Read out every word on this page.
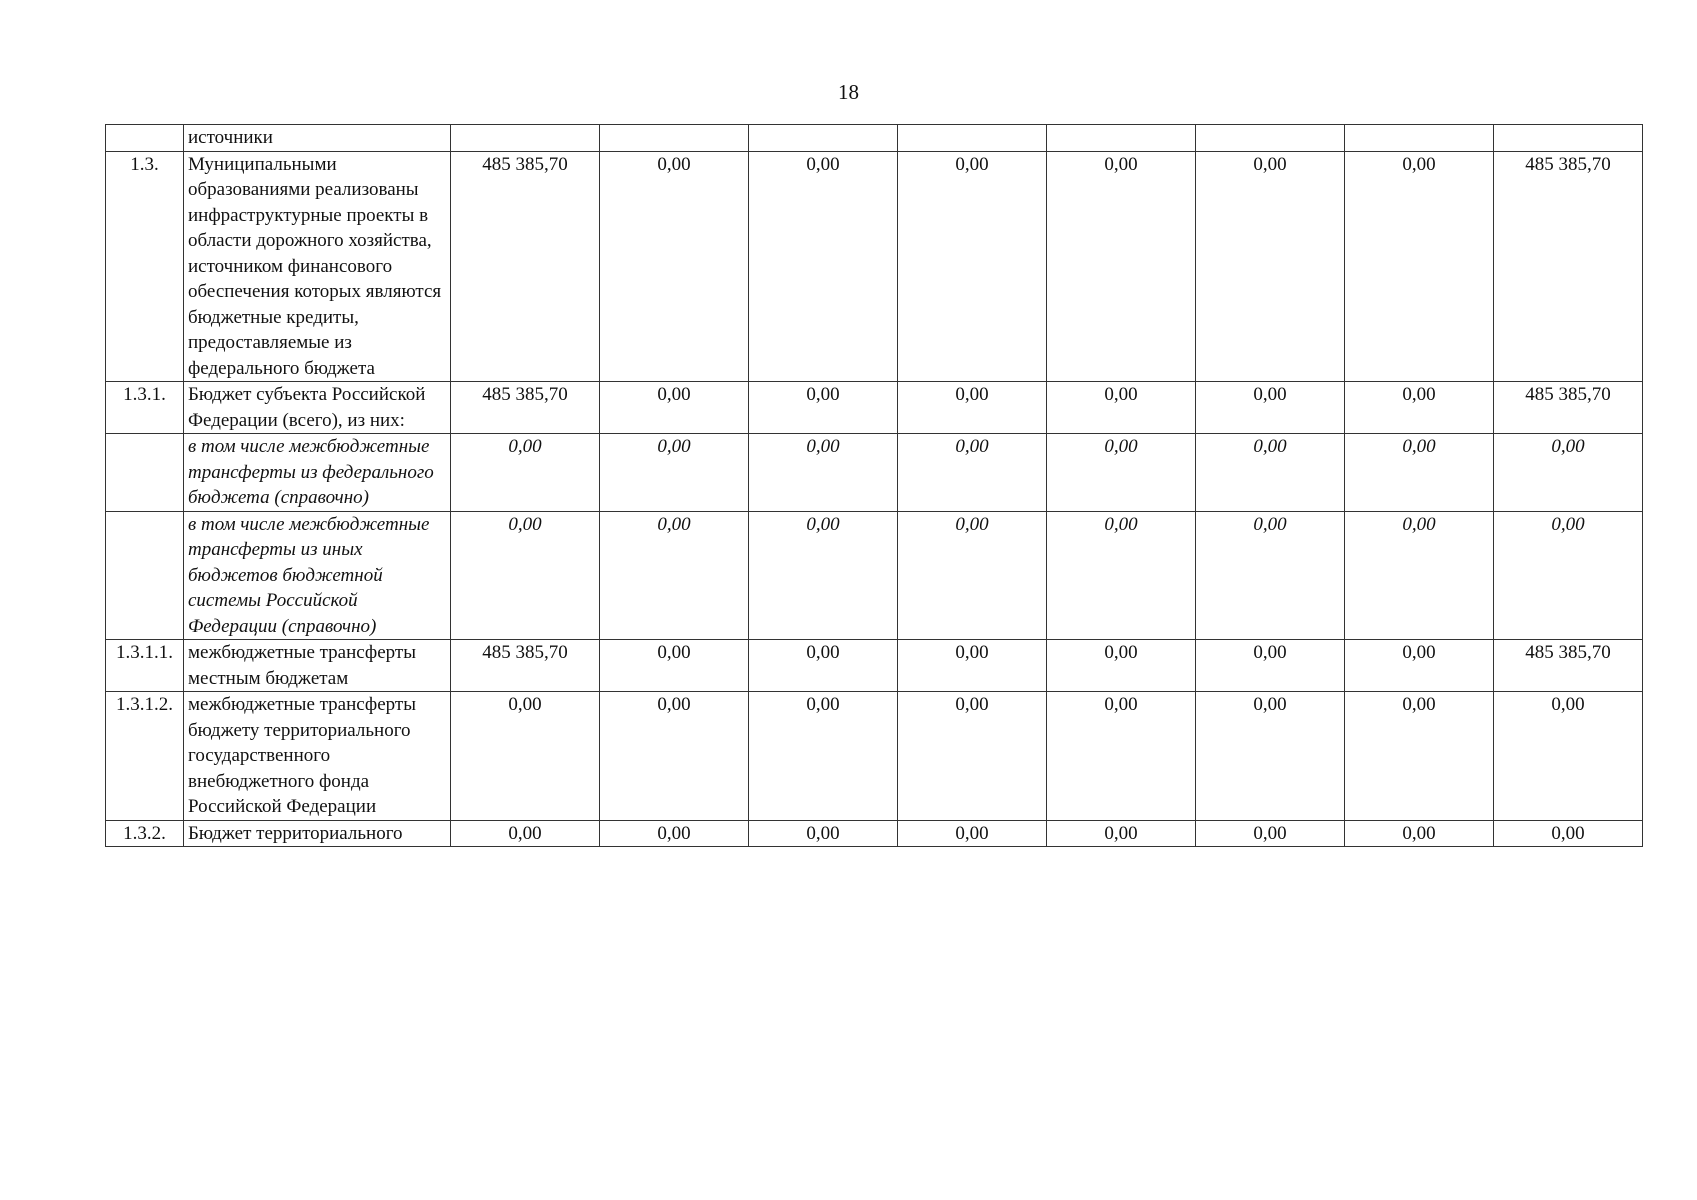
18
	источники								
1.3.	Муниципальными образованиями реализованы инфраструктурные проекты в области дорожного хозяйства, источником финансового обеспечения которых являются бюджетные кредиты, предоставляемые из федерального бюджета	485 385,70	0,00	0,00	0,00	0,00	0,00	0,00	485 385,70
1.3.1.	Бюджет субъекта Российской Федерации (всего), из них:	485 385,70	0,00	0,00	0,00	0,00	0,00	0,00	485 385,70
	в том числе межбюджетные трансферты из федерального бюджета (справочно)	0,00	0,00	0,00	0,00	0,00	0,00	0,00	0,00
	в том числе межбюджетные трансферты из иных бюджетов бюджетной системы Российской Федерации (справочно)	0,00	0,00	0,00	0,00	0,00	0,00	0,00	0,00
1.3.1.1.	межбюджетные трансферты местным бюджетам	485 385,70	0,00	0,00	0,00	0,00	0,00	0,00	485 385,70
1.3.1.2.	межбюджетные трансферты бюджету территориального государственного внебюджетного фонда Российской Федерации	0,00	0,00	0,00	0,00	0,00	0,00	0,00	0,00
1.3.2.	Бюджет территориального	0,00	0,00	0,00	0,00	0,00	0,00	0,00	0,00
